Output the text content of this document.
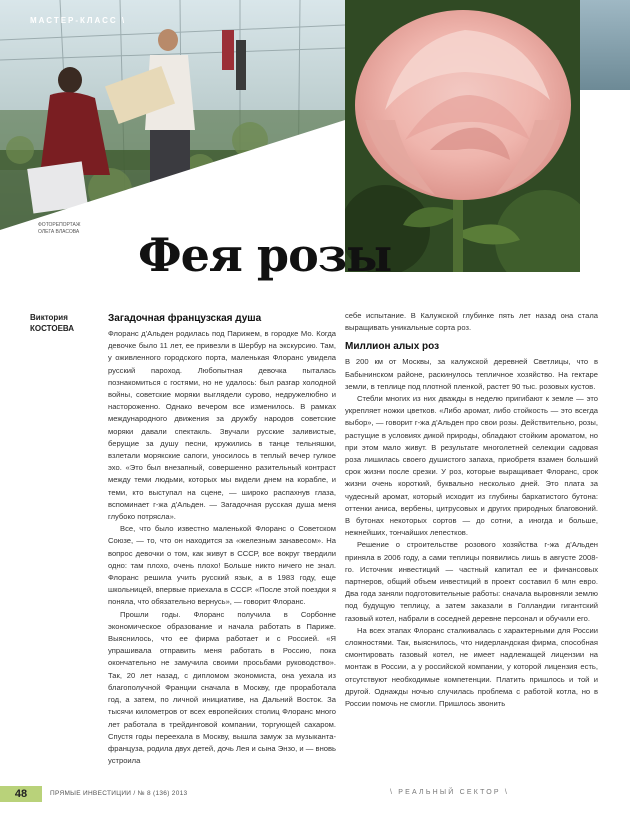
МАСТЕР-КЛАСС \
ФОТОРЕПОРТАЖ
ОЛЕГА ВЛАСОВА Фея розы
Виктория
КОСТОЕВА
Загадочная французская душа

Флоранс д'Альден родилась под Парижем, в городке Мо. Когда девочке было 11 лет, ее привезли в Шербур на экскурсию. Там, у оживленного городского порта, маленькая Флоранс увидела русский пароход. Любопытная девочка пыталась познакомиться с гостями, но не удалось: был разгар холодной войны, советские моряки выглядели сурово, недружелюбно и настороженно. Однако вечером все изменилось. В рамках международного движения за дружбу народов советские моряки давали спектакль. Звучали русские заливистые, берущие за душу песни, кружились в танце тельняшки, взлетали морякские сапоги, уносилось в теплый вечер гулкое эхо. «Это был внезапный, совершенно разительный контраст между теми людьми, которых мы видели днем на корабле, и теми, кто выступал на сцене, — широко распахнув глаза, вспоминает г-жа д'Альден. — Загадочная русская душа меня глубоко потрясла».

Все, что было известно маленькой Флоранс о Советском Союзе, — то, что он находится за «железным занавесом». На вопрос девочки о том, как живут в СССР, все вокруг твердили одно: там плохо, очень плохо! Больше никто ничего не знал. Флоранс решила учить русский язык, а в 1983 году, еще школьницей, впервые приехала в СССР. «После этой поездки я поняла, что обязательно вернусь», — говорит Флоранс.

Прошли годы. Флоранс получила в Сорбонне экономическое образование и начала работать в Париже. Выяснилось, что ее фирма работает и с Россией. «Я упрашивала отправить меня работать в Россию, пока окончательно не замучила своими просьбами руководство». Так, 20 лет назад, с дипломом экономиста, она уехала из благополучной Франции сначала в Москву, где проработала год, а затем, по личной инициативе, на Дальний Восток. За тысячи километров от всех европейских столиц Флоранс много лет работала в трейдинговой компании, торгующей сахаром. Спустя годы переехала в Москву, вышла замуж за музыканта-француза, родила двух детей, дочь Лея и сына Энзо, и — вновь устроила

себе испытание. В Калужской глубинке пять лет назад она стала выращивать уникальные сорта роз.

Миллион алых роз

В 200 км от Москвы, за калужской деревней Светлицы, что в Бабынинском районе, раскинулось тепличное хозяйство. На гектаре земли, в теплице под плотной пленкой, растет 90 тыс. розовых кустов.

Стебли многих из них дважды в неделю пригибают к земле — это укрепляет ножки цветков. «Либо аромат, либо стойкость — это всегда выбор», — говорит г-жа д'Альден про свои розы. Действительно, розы, растущие в условиях дикой природы, обладают стойким ароматом, но при этом мало живут. В результате многолетней селекции садовая роза лишилась своего душистого запаха, приобретя взамен больший срок жизни после срезки. У роз, которые выращивает Флоранс, срок жизни очень короткий, буквально несколько дней. Это плата за чудесный аромат, который исходит из глубины бархатистого бутона: оттенки аниса, вербены, цитрусовых и других природных благовоний. В бутонах некоторых сортов — до сотни, а иногда и больше, нежнейших, тончайших лепестков.

Решение о строительстве розового хозяйства г-жа д'Альден приняла в 2006 году, а сами теплицы появились лишь в августе 2008-го. Источник инвестиций — частный капитал ее и финансовых партнеров, общий объем инвестиций в проект составил 6 млн евро. Два года заняли подготовительные работы: сначала выровняли землю под будущую теплицу, а затем заказали в Голландии гигантский газовый котел, набрали в соседней деревне персонал и обучили его.

На всех этапах Флоранс сталкивалась с характерными для России сложностями. Так, выяснилось, что нидерландская фирма, способная смонтировать газовый котел, не имеет надлежащей лицензии на монтаж в России, а у российской компании, у которой лицензия есть, отсутствуют необходимые компетенции. Платить пришлось и той и другой. Однажды ночью случилась проблема с работой котла, но в России помочь не смогли. Пришлось звонить

48	ПРЯМЫЕ ИНВЕСТИЦИИ / № 8 (136) 2013	\ РЕАЛЬНЫЙ СЕКТОР \
